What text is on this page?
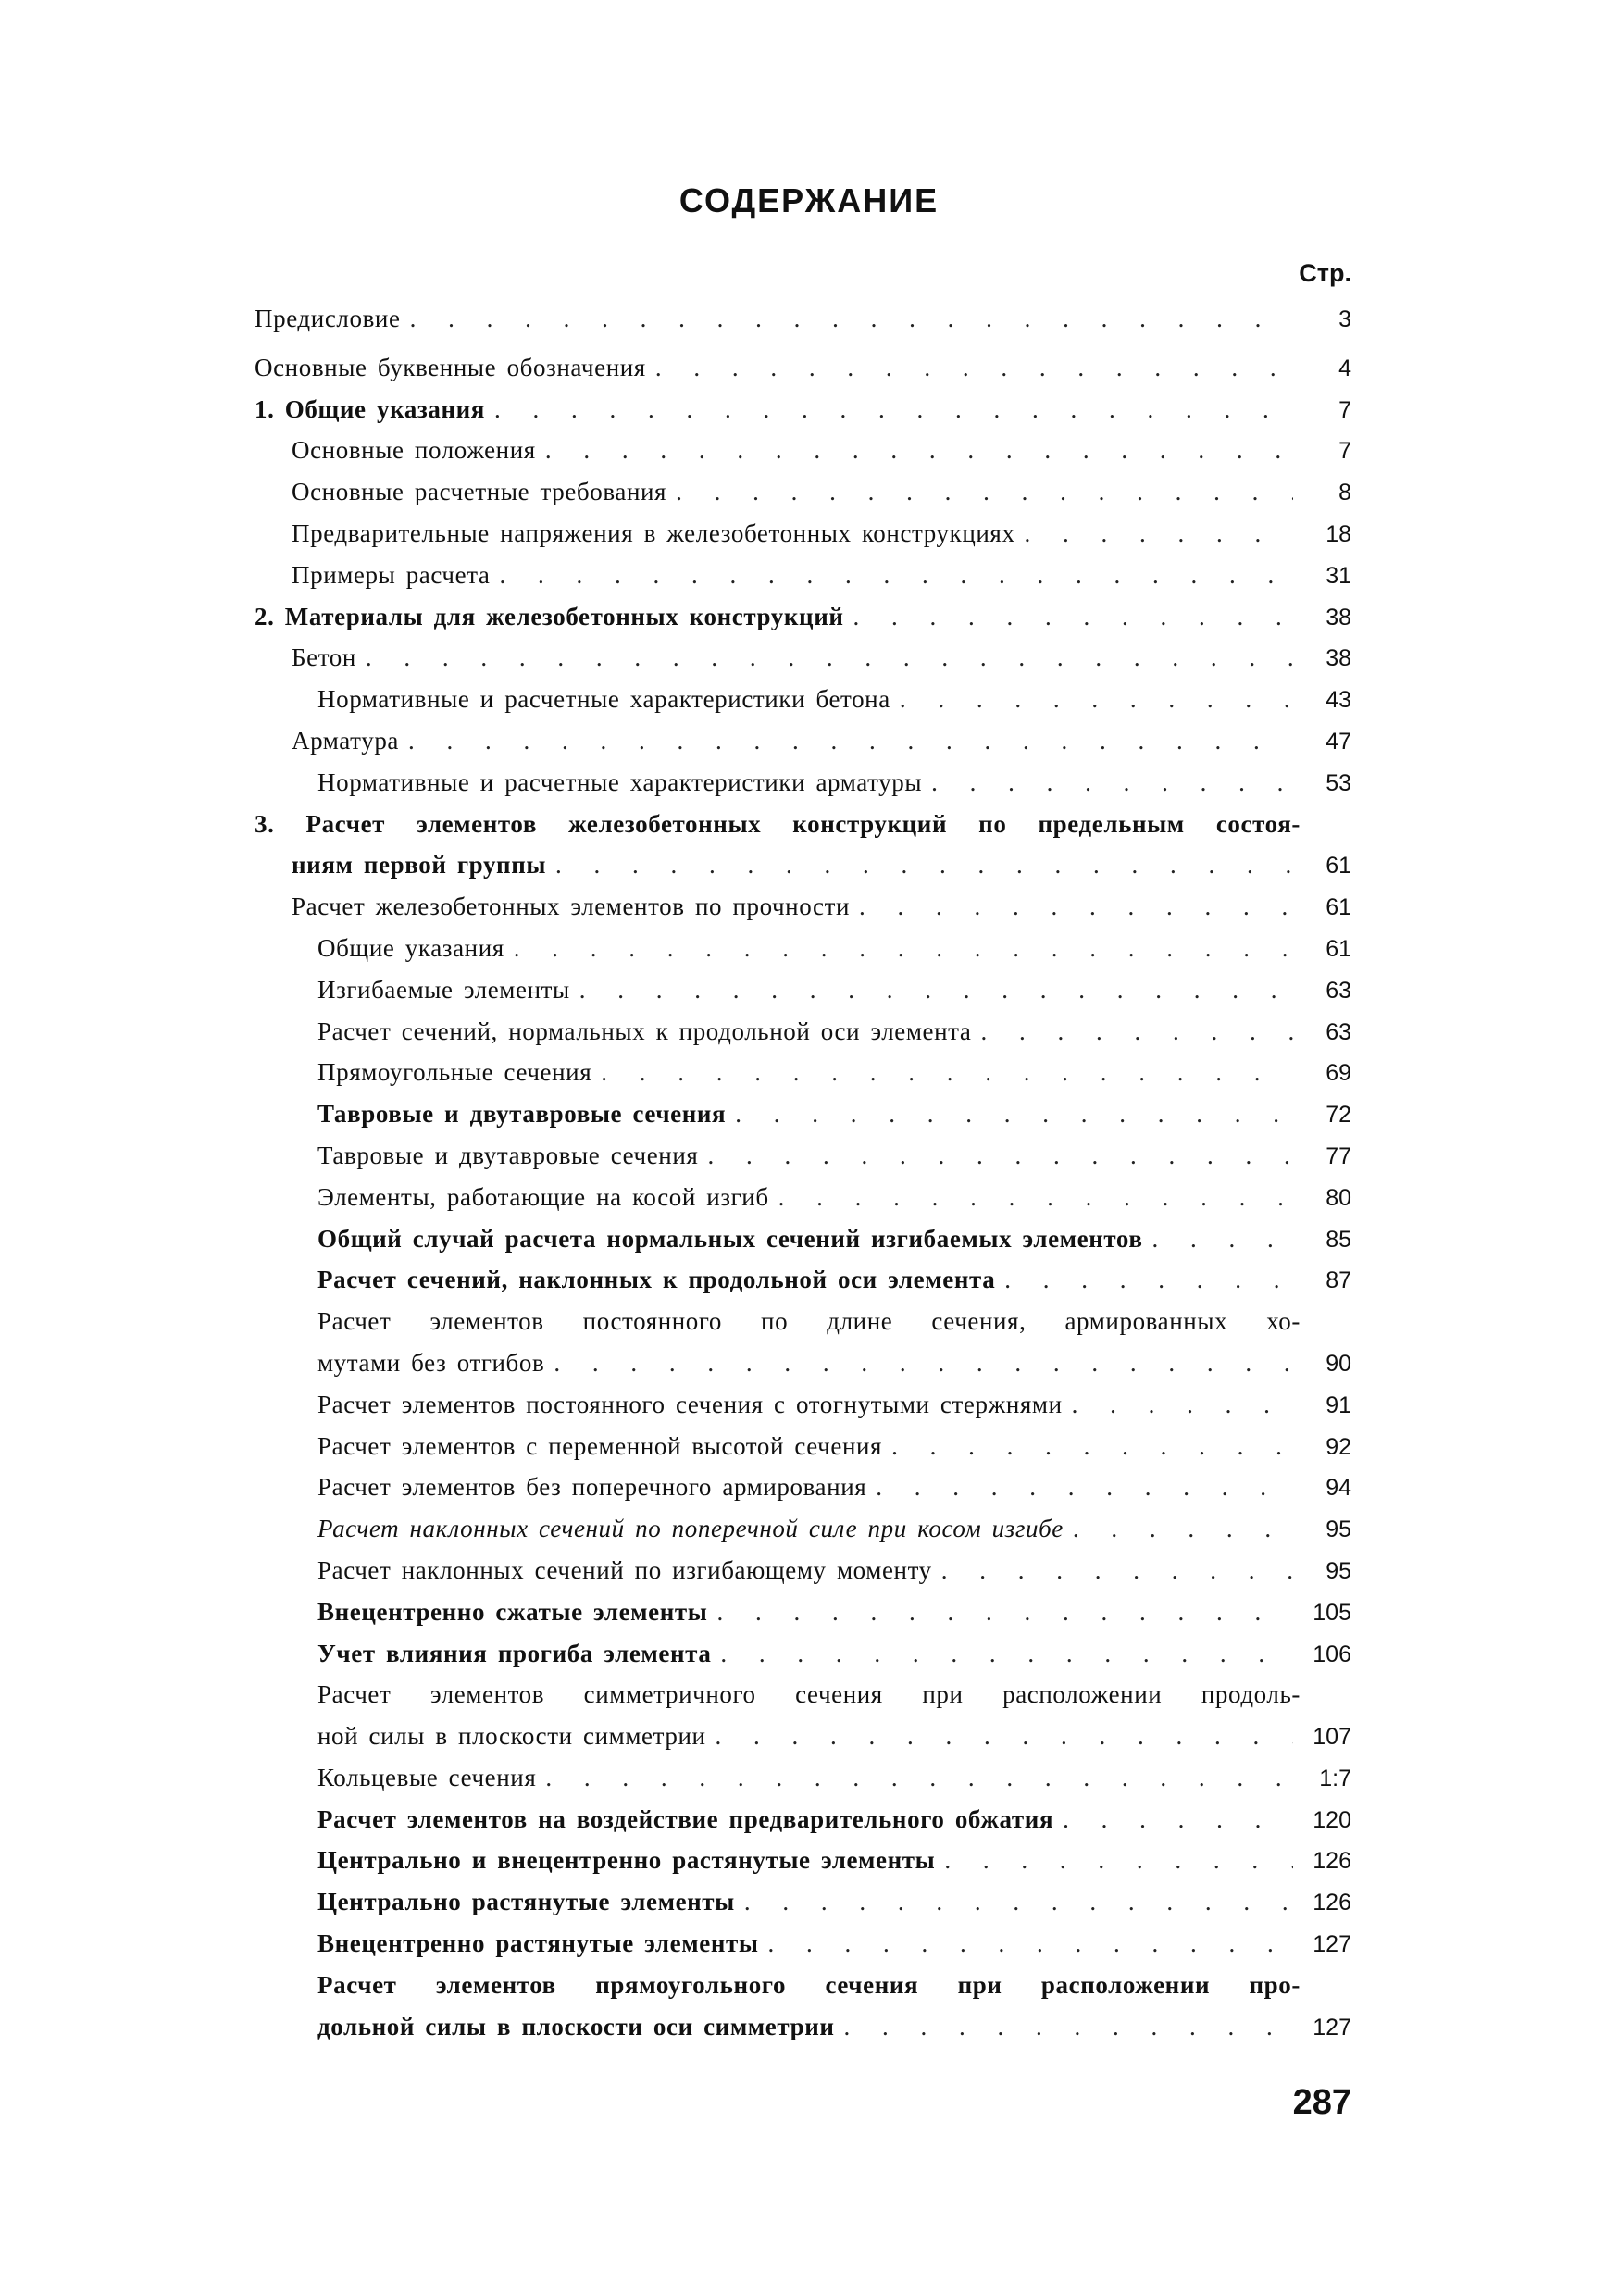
СОДЕРЖАНИЕ
Стр.
Предисловие . . .	3
Основные буквенные обозначения . . .	4
1. Общие указания . . .	7
Основные положения . . .	7
Основные расчетные требования . . .	8
Предварительные напряжения в железобетонных конструкциях . . .	18
Примеры расчета . . .	31
2. Материалы для железобетонных конструкций . . .	38
Бетон . . .	38
Нормативные и расчетные характеристики бетона . . .	43
Арматура . . .	47
Нормативные и расчетные характеристики арматуры . . .	53
3. Расчет элементов железобетонных конструкций по предельным состоя-
ниям первой группы . . .	61
Расчет железобетонных элементов по прочности . . .	61
Общие указания . . .	61
Изгибаемые элементы . . .	63
Расчет сечений, нормальных к продольной оси элемента . . .	63
Прямоугольные сечения . . .	69
Тавровые и двутавровые сечения . . .	72
Тавровые и двутавровые сечения . . .	77
Элементы, работающие на косой изгиб . . .	80
Общий случай расчета нормальных сечений изгибаемых элементов . . .	85
Расчет сечений, наклонных к продольной оси элемента . . .	87
Расчет элементов постоянного по длине сечения, армированных хо-
мутами без отгибов . . .	90
Расчет элементов постоянного сечения с отогнутыми стержнями . . .	91
Расчет элементов с переменной высотой сечения . . .	92
Расчет элементов без поперечного армирования . . .	94
Расчет наклонных сечений по поперечной силе при косом изгибе . . .	95
Расчет наклонных сечений по изгибающему моменту . . .	95
Внецентренно сжатые элементы . . .	105
Учет влияния прогиба элемента . . .	106
Расчет элементов симметричного сечения при расположении продоль-
ной силы в плоскости симметрии . . .	107
Кольцевые сечения . . .	1:7
Расчет элементов на воздействие предварительного обжатия . . .	120
Центрально и внецентренно растянутые элементы . . .	126
Центрально растянутые элементы . . .	126
Внецентренно растянутые элементы . . .	127
Расчет элементов прямоугольного сечения при расположении про-
дольной силы в плоскости оси симметрии . . .	127
287
